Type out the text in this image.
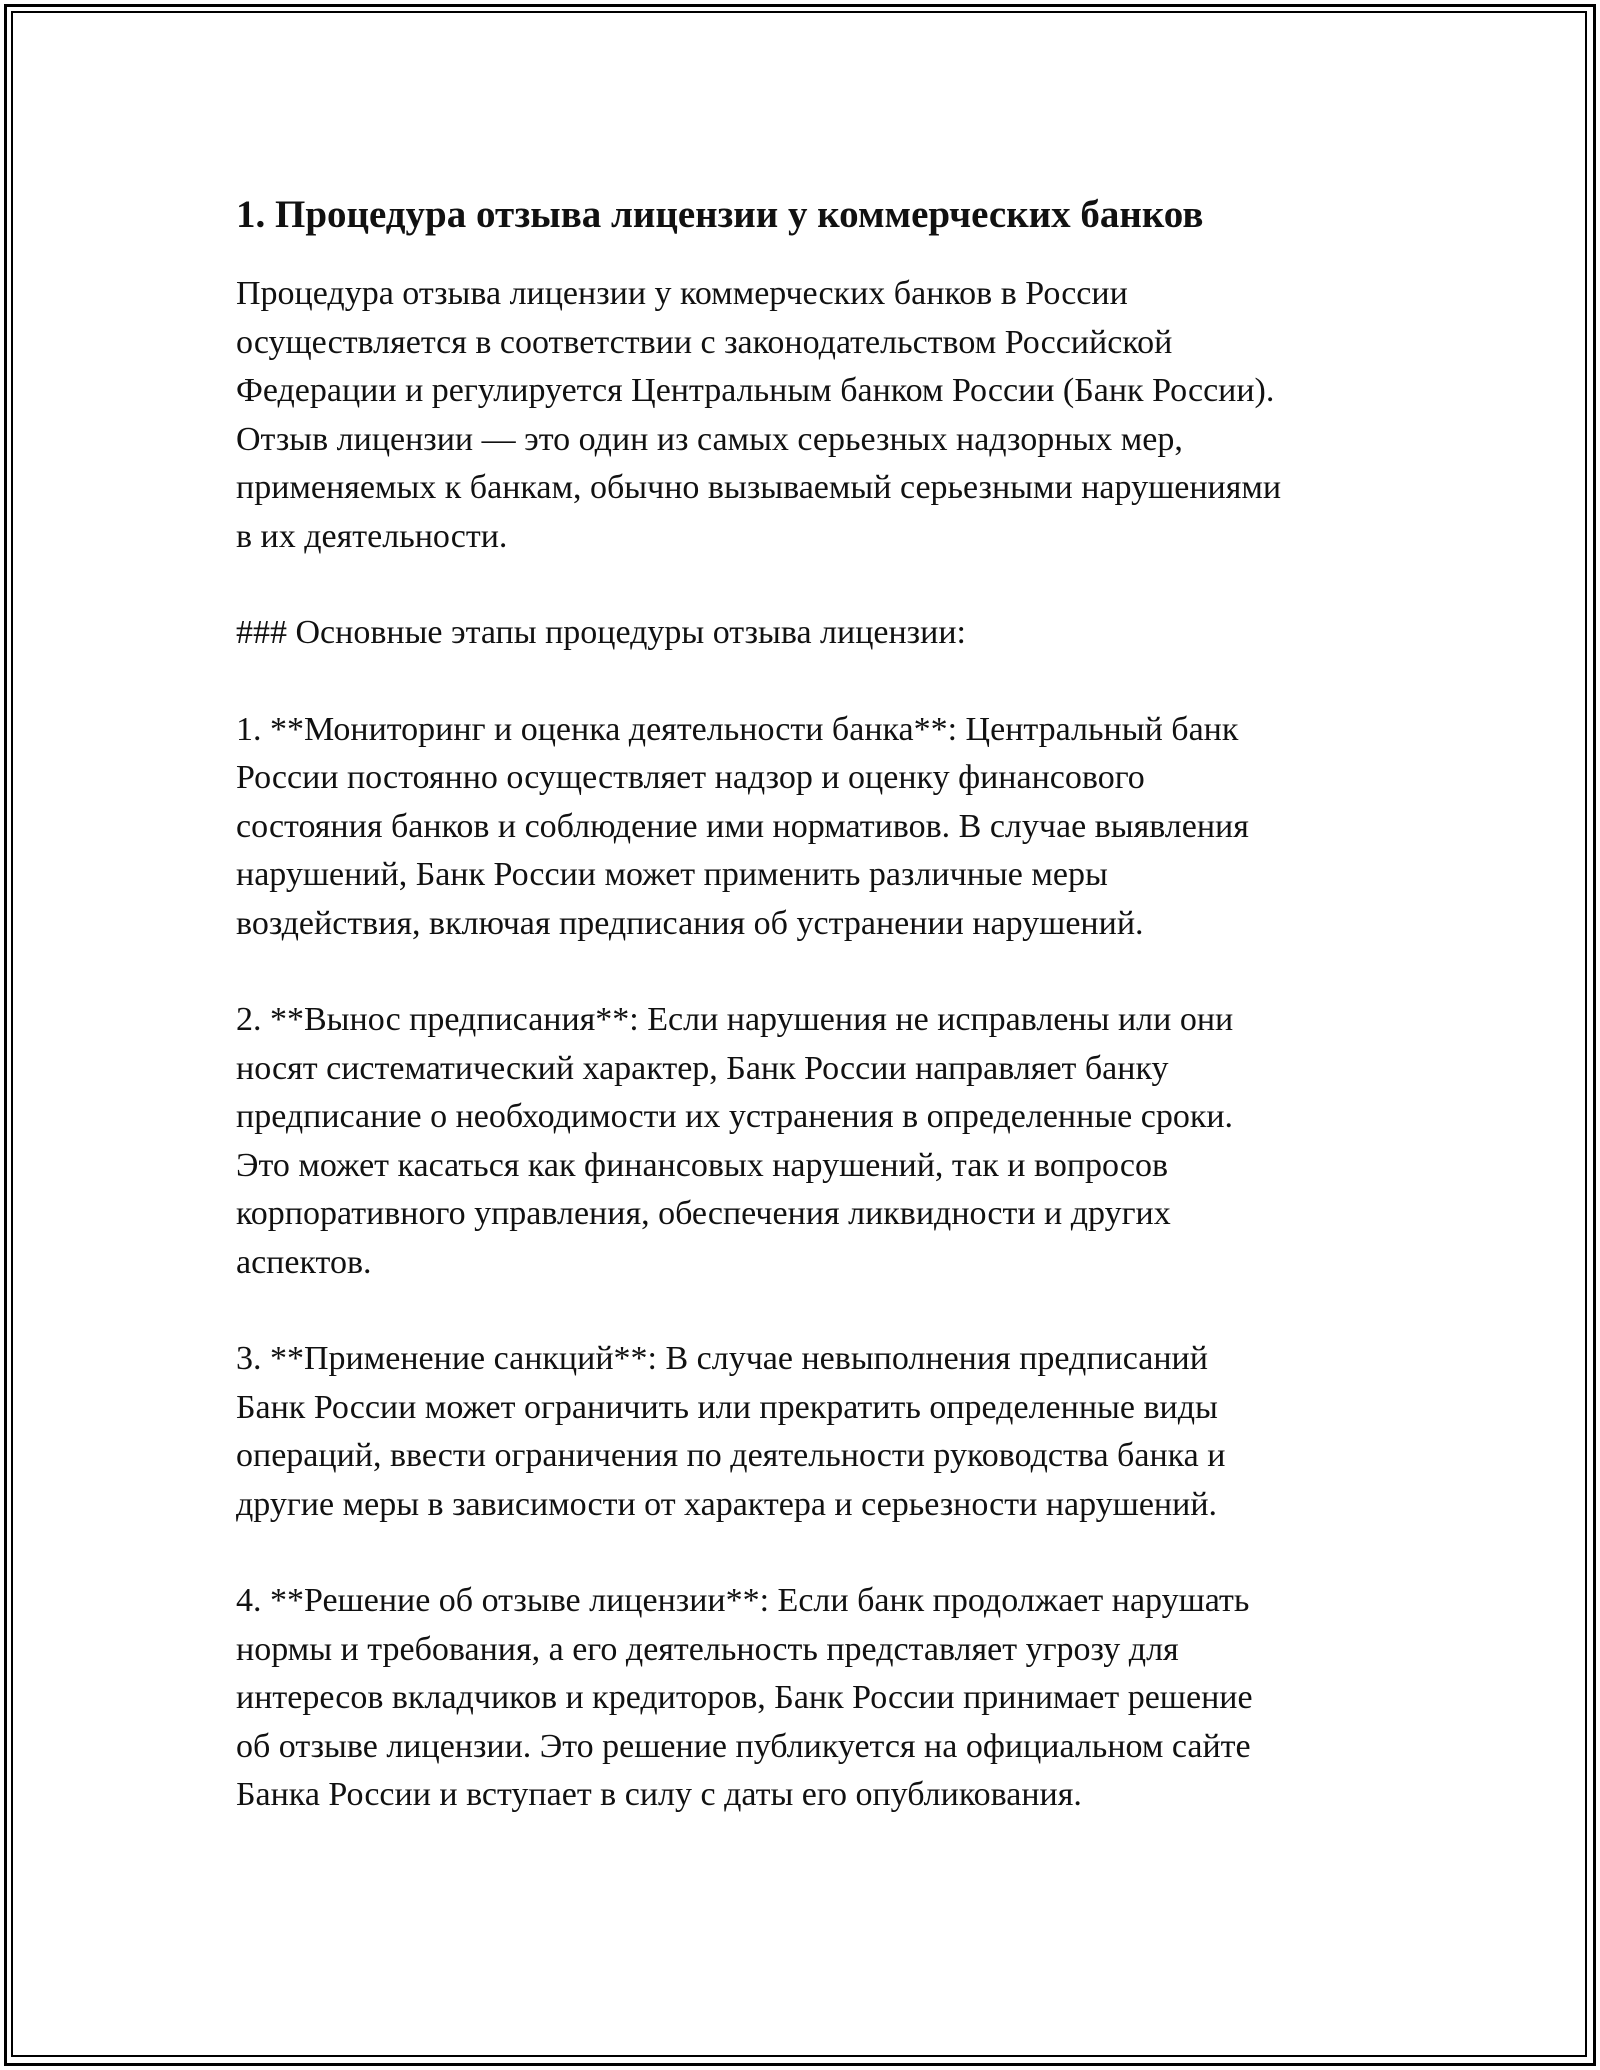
1. Процедура отзыва лицензии у коммерческих банков

Процедура отзыва лицензии у коммерческих банков в России
осуществляется в соответствии с законодательством Российской
Федерации и регулируется Центральным банком России (Банк России).
Отзыв лицензии — это один из самых серьезных надзорных мер,
применяемых к банкам, обычно вызываемый серьезными нарушениями
в их деятельности.

### Основные этапы процедуры отзыва лицензии:

1. **Мониторинг и оценка деятельности банка**: Центральный банк
России постоянно осуществляет надзор и оценку финансового
состояния банков и соблюдение ими нормативов. В случае выявления
нарушений, Банк России может применить различные меры
воздействия, включая предписания об устранении нарушений.

2. **Вынос предписания**: Если нарушения не исправлены или они
носят систематический характер, Банк России направляет банку
предписание о необходимости их устранения в определенные сроки.
Это может касаться как финансовых нарушений, так и вопросов
корпоративного управления, обеспечения ликвидности и других
аспектов.

3. **Применение санкций**: В случае невыполнения предписаний
Банк России может ограничить или прекратить определенные виды
операций, ввести ограничения по деятельности руководства банка и
другие меры в зависимости от характера и серьезности нарушений.

4. **Решение об отзыве лицензии**: Если банк продолжает нарушать
нормы и требования, а его деятельность представляет угрозу для
интересов вкладчиков и кредиторов, Банк России принимает решение
об отзыве лицензии. Это решение публикуется на официальном сайте
Банка России и вступает в силу с даты его опубликования.
